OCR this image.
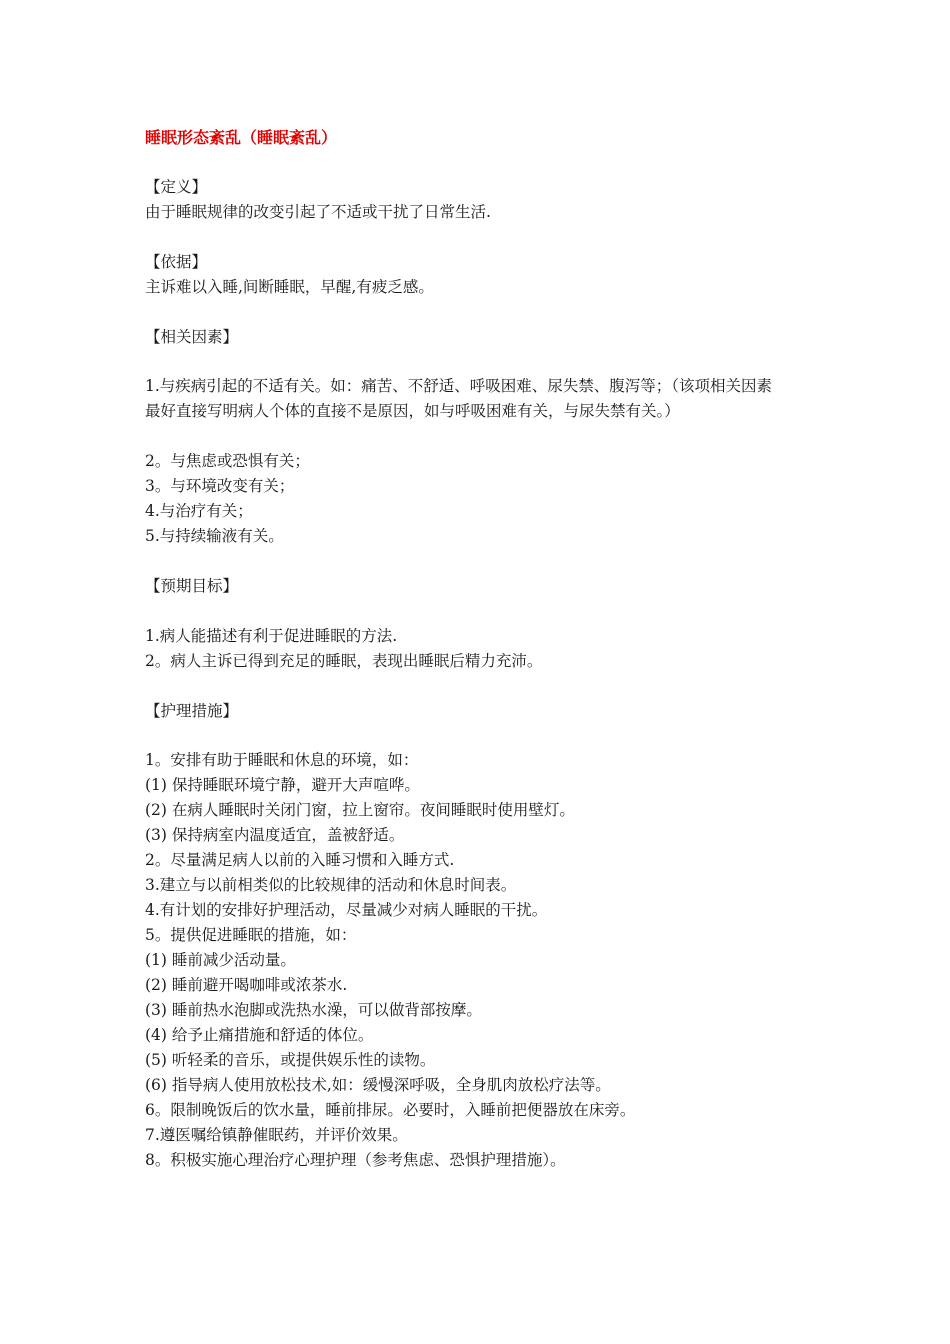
睡眠形态紊乱（睡眠紊乱）
【定义】
由于睡眠规律的改变引起了不适或干扰了日常生活.
【依据】
主诉难以入睡,间断睡眠，早醒,有疲乏感。
【相关因素】
1.与疾病引起的不适有关。如：痛苦、不舒适、呼吸困难、尿失禁、腹泻等；（该项相关因素最好直接写明病人个体的直接不是原因，如与呼吸困难有关，与尿失禁有关。）
2。与焦虑或恐惧有关；
3。与环境改变有关；
4.与治疗有关；
5.与持续输液有关。
【预期目标】
1.病人能描述有利于促进睡眠的方法.
2。病人主诉已得到充足的睡眠，表现出睡眠后精力充沛。
【护理措施】
1。安排有助于睡眠和休息的环境，如：
(1) 保持睡眠环境宁静，避开大声喧哗。
(2) 在病人睡眠时关闭门窗，拉上窗帘。夜间睡眠时使用壁灯。
(3) 保持病室内温度适宜，盖被舒适。
2。尽量满足病人以前的入睡习惯和入睡方式.
3.建立与以前相类似的比较规律的活动和休息时间表。
4.有计划的安排好护理活动，尽量减少对病人睡眠的干扰。
5。提供促进睡眠的措施，如：
(1) 睡前减少活动量。
(2) 睡前避开喝咖啡或浓茶水.
(3) 睡前热水泡脚或洗热水澡，可以做背部按摩。
(4) 给予止痛措施和舒适的体位。
(5) 听轻柔的音乐，或提供娱乐性的读物。
(6) 指导病人使用放松技术,如：缓慢深呼吸，全身肌肉放松疗法等。
6。限制晚饭后的饮水量，睡前排尿。必要时，入睡前把便器放在床旁。
7.遵医嘱给镇静催眠药，并评价效果。
8。积极实施心理治疗心理护理（参考焦虑、恐惧护理措施）。
